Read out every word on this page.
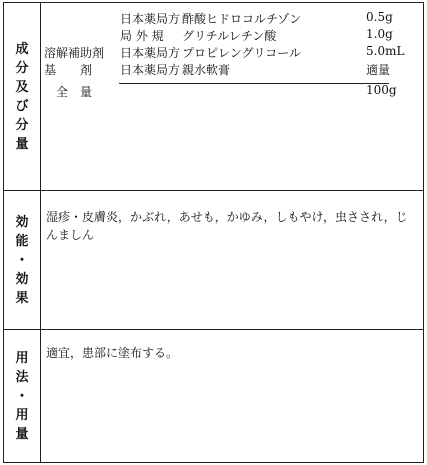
成
分
及
び
分
量
日本薬局方 酢酸ヒドロコルチゾン	0.5g
局 外 規 グリチルレチン酸	1.0g
溶解補助剤 日本薬局方 プロピレングリコール	5.0mL
基　　剤 日本薬局方 親水軟膏	適量
　全　量	100g
効
能
・
効
果
湿疹・皮膚炎，かぶれ，あせも，かゆみ，しもやけ，虫さされ，じんましん
用
法
・
用
量
適宜，患部に塗布する。
